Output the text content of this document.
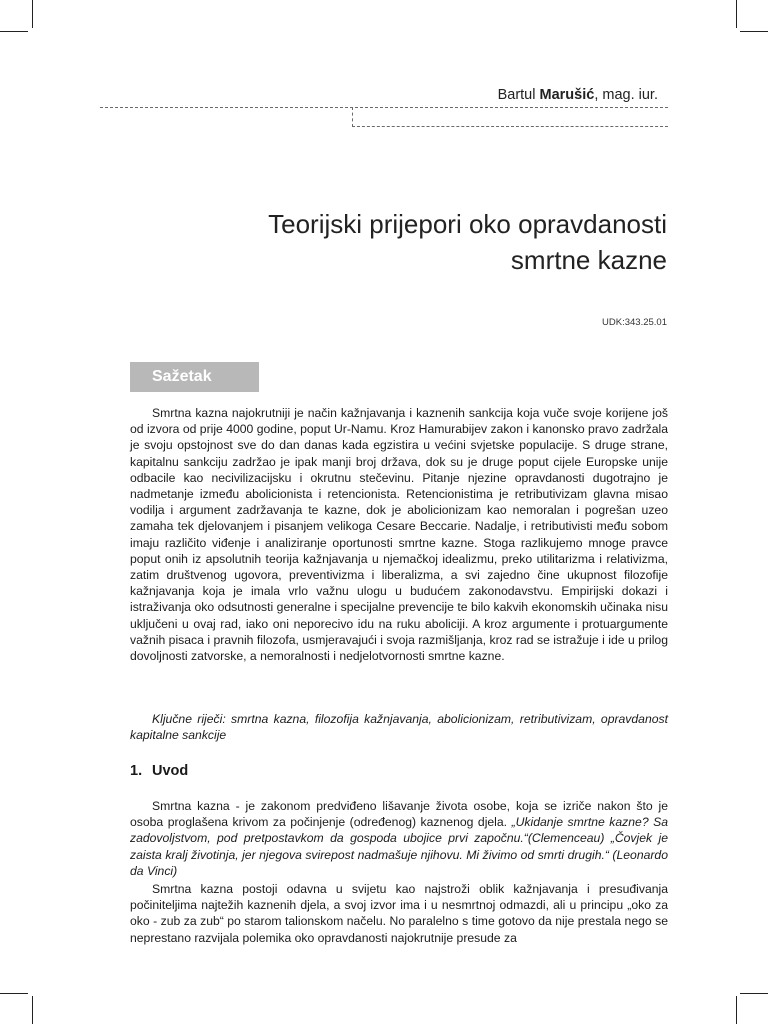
Bartul Marušić, mag. iur.
Teorijski prijepori oko opravdanosti
smrtne kazne
UDK:343.25.01
Sažetak

Smrtna kazna najokrutniji je način kažnjavanja i kaznenih sankcija koja vuče svoje korijene još od izvora od prije 4000 godine, poput Ur-Namu. Kroz Hamurabijev zakon i kanonsko pravo zadržala je svoju opstojnost sve do dan danas kada egzistira u većini svjetske populacije. S druge strane, kapitalnu sankciju zadržao je ipak manji broj država, dok su je druge poput cijele Europske unije odbacile kao necivilizacijsku i okrutnu stečevinu. Pitanje njezine opravdanosti dugotrajno je nadmetanje između abolicionista i retencionista. Retencionistima je retributivizam glavna misao vodilja i argument zadržavanja te kazne, dok je abolicionizam kao nemoralan i pogrešan uzeo zamaha tek djelovanjem i pisanjem velikoga Cesare Beccarie. Nadalje, i retributivisti među sobom imaju različito viđenje i analiziranje oportunosti smrtne kazne. Stoga razlikujemo mnoge pravce poput onih iz apsolutnih teorija kažnjavanja u njemačkoj idealizmu, preko utilitarizma i relativizma, zatim društvenog ugovora, preventivizma i liberalizma, a svi zajedno čine ukupnost filozofije kažnjavanja koja je imala vrlo važnu ulogu u budućem zakonodavstvu. Empirijski dokazi i istraživanja oko odsutnosti generalne i specijalne prevencije te bilo kakvih ekonomskih učinaka nisu uključeni u ovaj rad, iako oni neporecivo idu na ruku aboliciji. A kroz argumente i protuargumente važnih pisaca i pravnih filozofa, usmjeravajući i svoja razmišljanja, kroz rad se istražuje i ide u prilog dovoljnosti zatvorske, a nemoralnosti i nedjelotvornosti smrtne kazne.

Ključne riječi: smrtna kazna, filozofija kažnjavanja, abolicionizam, retributivizam, opravdanost kapitalne sankcije

1. Uvod

Smrtna kazna - je zakonom predviđeno lišavanje života osobe, koja se izriče nakon što je osoba proglašena krivom za počinjenje (određenog) kaznenog djela. „Ukidanje smrtne kazne? Sa zadovoljstvom, pod pretpostavkom da gospoda ubojice prvi započnu.“(Clemenceau) „Čovjek je zaista kralj životinja, jer njegova svirepost nadmašuje njihovu. Mi živimo od smrti drugih.“ (Leonardo da Vinci)

Smrtna kazna postoji odavna u svijetu kao najstroži oblik kažnjavanja i presuđivanja počiniteljima najtežih kaznenih djela, a svoj izvor ima i u nesmrtnoj odmazdi, ali u principu „oko za oko - zub za zub“ po starom talionskom načelu. No paralelno s time gotovo da nije prestala nego se neprestano razvijala polemika oko opravdanosti najokrutnije presude za
